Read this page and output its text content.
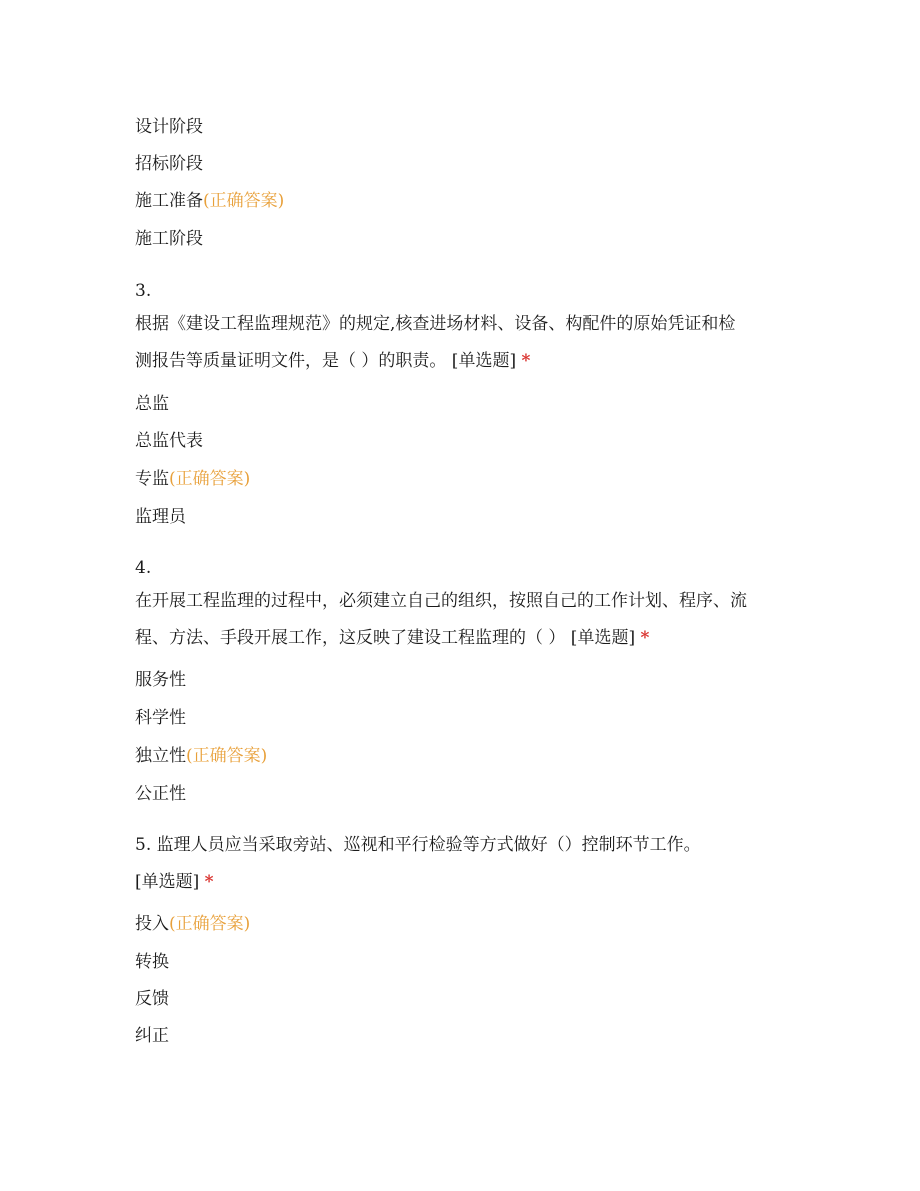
设计阶段
招标阶段
施工准备(正确答案)
施工阶段
3.
根据《建设工程监理规范》的规定,核查进场材料、设备、构配件的原始凭证和检
测报告等质量证明文件，是（ ）的职责。 [单选题] *
总监
总监代表
专监(正确答案)
监理员
4.
在开展工程监理的过程中，必须建立自己的组织，按照自己的工作计划、程序、流
程、方法、手段开展工作，这反映了建设工程监理的（ ） [单选题] *
服务性
科学性
独立性(正确答案)
公正性
5. 监理人员应当采取旁站、巡视和平行检验等方式做好（）控制环节工作。
[单选题] *
投入(正确答案)
转换
反馈
纠正
